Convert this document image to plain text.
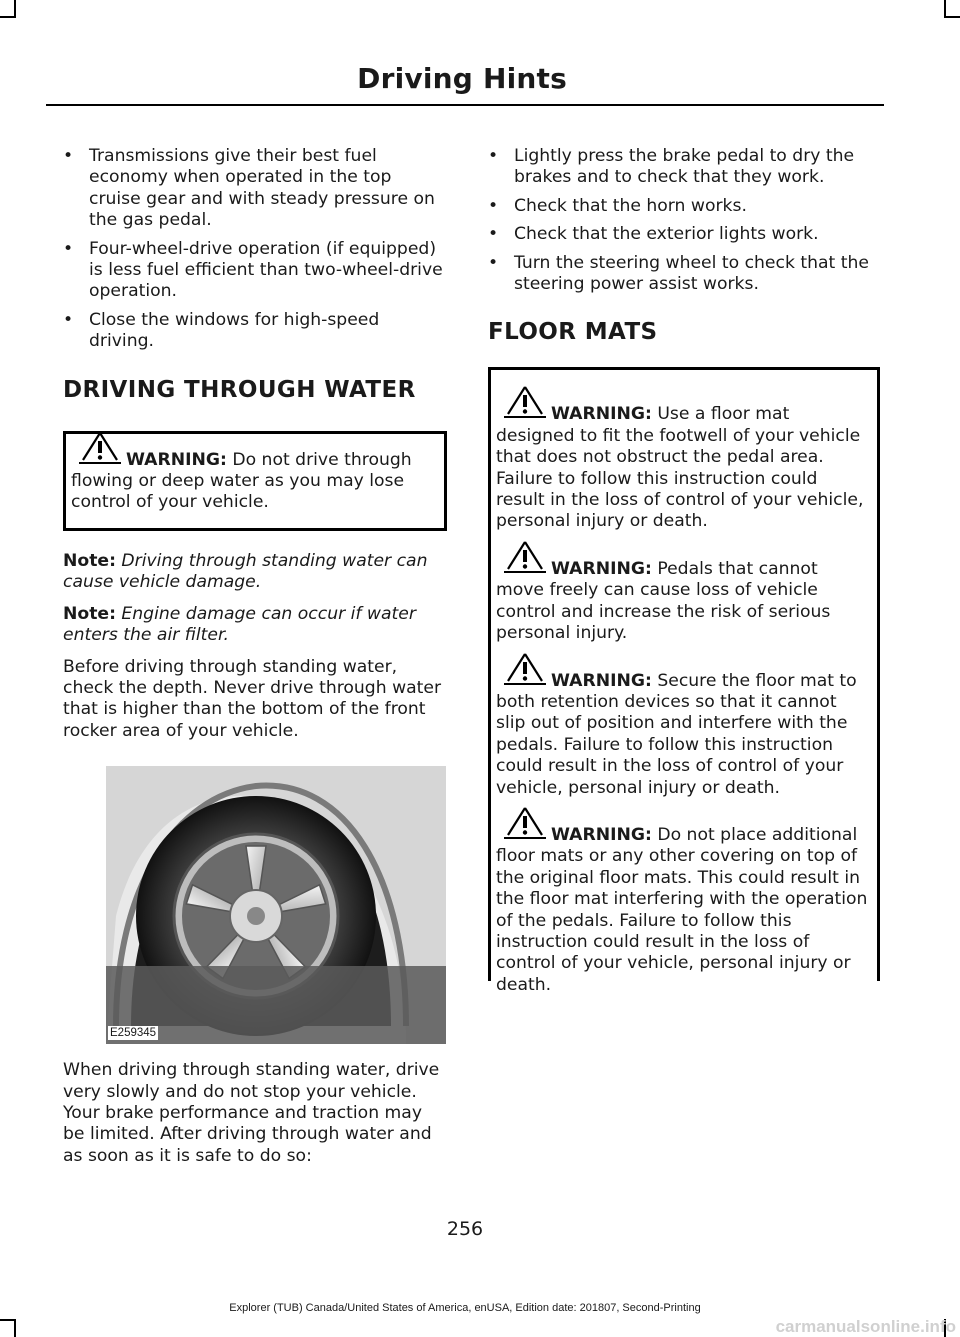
Driving Hints
• Transmissions give their best fuel economy when operated in the top cruise gear and with steady pressure on the gas pedal.
• Four-wheel-drive operation (if equipped) is less fuel efficient than two-wheel-drive operation.
• Close the windows for high-speed driving.
DRIVING THROUGH WATER
WARNING: Do not drive through flowing or deep water as you may lose control of your vehicle.

Note: Driving through standing water can cause vehicle damage.

Note: Engine damage can occur if water enters the air filter.

Before driving through standing water, check the depth. Never drive through water that is higher than the bottom of the front rocker area of your vehicle.

E259345

When driving through standing water, drive very slowly and do not stop your vehicle. Your brake performance and traction may be limited. After driving through water and as soon as it is safe to do so:

• Lightly press the brake pedal to dry the brakes and to check that they work.
• Check that the horn works.
• Check that the exterior lights work.
• Turn the steering wheel to check that the steering power assist works.
FLOOR MATS
WARNING: Use a floor mat designed to fit the footwell of your vehicle that does not obstruct the pedal area. Failure to follow this instruction could result in the loss of control of your vehicle, personal injury or death.
WARNING: Pedals that cannot move freely can cause loss of vehicle control and increase the risk of serious personal injury.
WARNING: Secure the floor mat to both retention devices so that it cannot slip out of position and interfere with the pedals. Failure to follow this instruction could result in the loss of control of your vehicle, personal injury or death.
WARNING: Do not place additional floor mats or any other covering on top of the original floor mats. This could result in the floor mat interfering with the operation of the pedals. Failure to follow this instruction could result in the loss of control of your vehicle, personal injury or death.
256
Explorer (TUB) Canada/United States of America, enUSA, Edition date: 201807, Second-Printing
carmanualsonline.info
